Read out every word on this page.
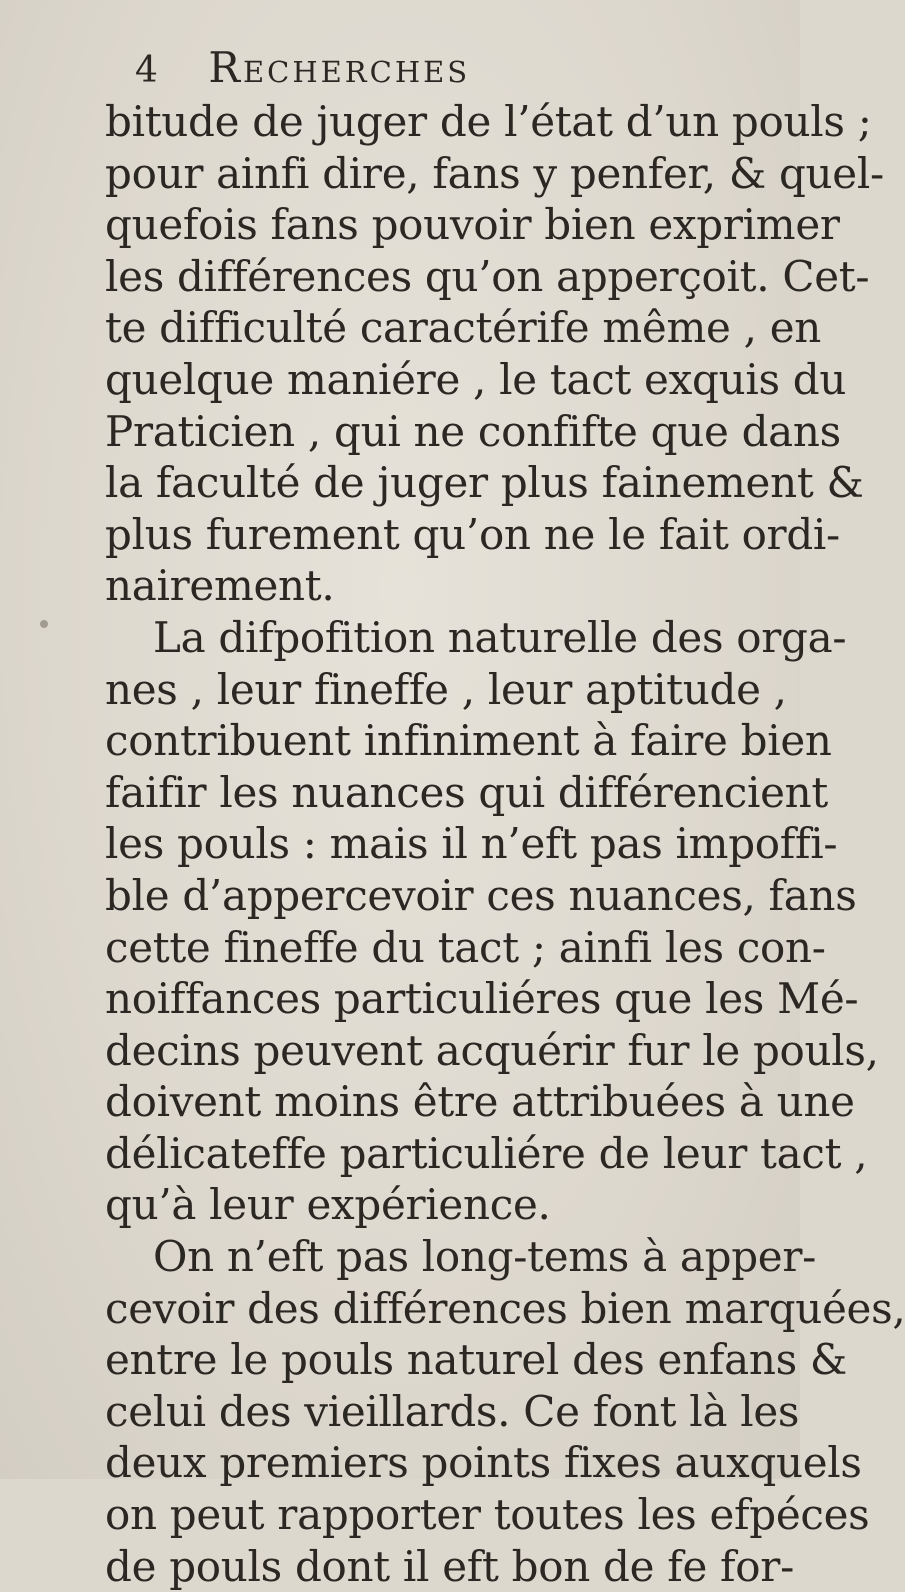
4 Recherches
bitude de juger de l’état d’un pouls ;
pour ainfi dire, fans y penfer, & quel-
quefois fans pouvoir bien exprimer
les différences qu’on apperçoit. Cet-
te difficulté caractérife même , en
quelque maniére , le tact exquis du
Praticien , qui ne confifte que dans
la faculté de juger plus fainement &
plus furement qu’on ne le fait ordi-
nairement.
La difpofition naturelle des orga-
nes , leur fineffe , leur aptitude ,
contribuent infiniment à faire bien
faifir les nuances qui différencient
les pouls : mais il n’eft pas impoffi-
ble d’appercevoir ces nuances, fans
cette fineffe du tact ; ainfi les con-
noiffances particuliéres que les Mé-
decins peuvent acquérir fur le pouls,
doivent moins être attribuées à une
délicateffe particuliére de leur tact ,
qu’à leur expérience.
On n’eft pas long-tems à apper-
cevoir des différences bien marquées,
entre le pouls naturel des enfans &
celui des vieillards. Ce font là les
deux premiers points fixes auxquels
on peut rapporter toutes les efpéces
de pouls dont il eft bon de fe for-
